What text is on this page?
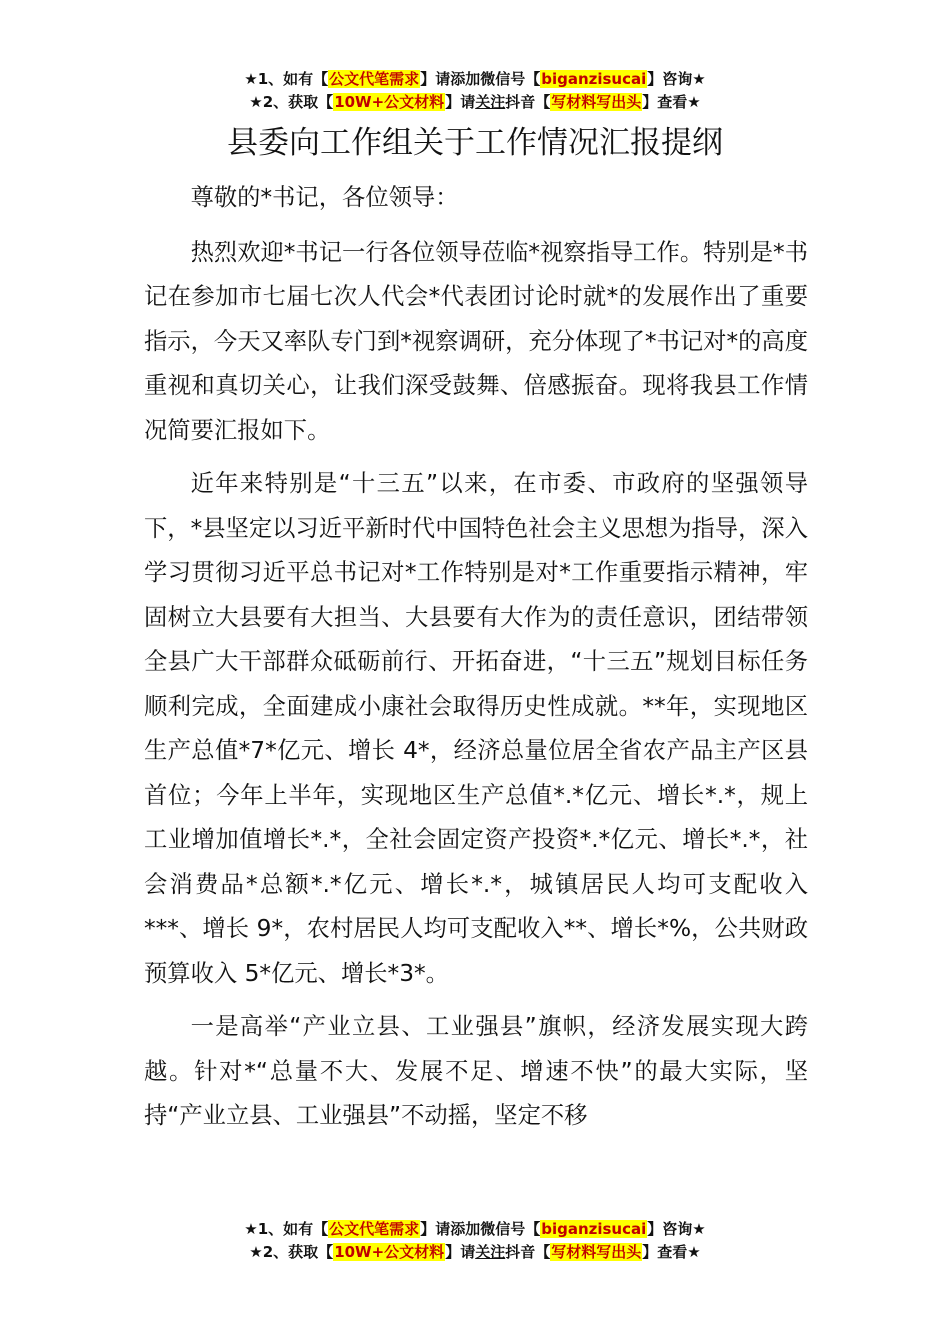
★1、如有【公文代笔需求】请添加微信号【biganzisucai】咨询★
★2、获取【10W+公文材料】请关注抖音【写材料写出头】查看★
县委向工作组关于工作情况汇报提纲

尊敬的*书记，各位领导：

热烈欢迎*书记一行各位领导莅临*视察指导工作。特别是*书记在参加市七届七次人代会*代表团讨论时就*的发展作出了重要指示，今天又率队专门到*视察调研，充分体现了*书记对*的高度重视和真切关心，让我们深受鼓舞、倍感振奋。现将我县工作情况简要汇报如下。

近年来特别是“十三五”以来，在市委、市政府的坚强领导下，*县坚定以习近平新时代中国特色社会主义思想为指导，深入学习贯彻习近平总书记对*工作特别是对*工作重要指示精神，牢固树立大县要有大担当、大县要有大作为的责任意识，团结带领全县广大干部群众砥砺前行、开拓奋进，“十三五”规划目标任务顺利完成，全面建成小康社会取得历史性成就。**年，实现地区生产总值*7*亿元、增长 4*，经济总量位居全省农产品主产区县首位；今年上半年，实现地区生产总值*.*亿元、增长*.*，规上工业增加值增长*.*，全社会固定资产投资*.*亿元、增长*.*，社会消费品*总额*.*亿元、增长*.*，城镇居民人均可支配收入***、增长 9*，农村居民人均可支配收入**、增长*%，公共财政预算收入 5*亿元、增长*3*。

一是高举“产业立县、工业强县”旗帜，经济发展实现大跨越。针对*“总量不大、发展不足、增速不快”的最大实际，坚持“产业立县、工业强县”不动摇，坚定不移

★1、如有【公文代笔需求】请添加微信号【biganzisucai】咨询★
★2、获取【10W+公文材料】请关注抖音【写材料写出头】查看★
